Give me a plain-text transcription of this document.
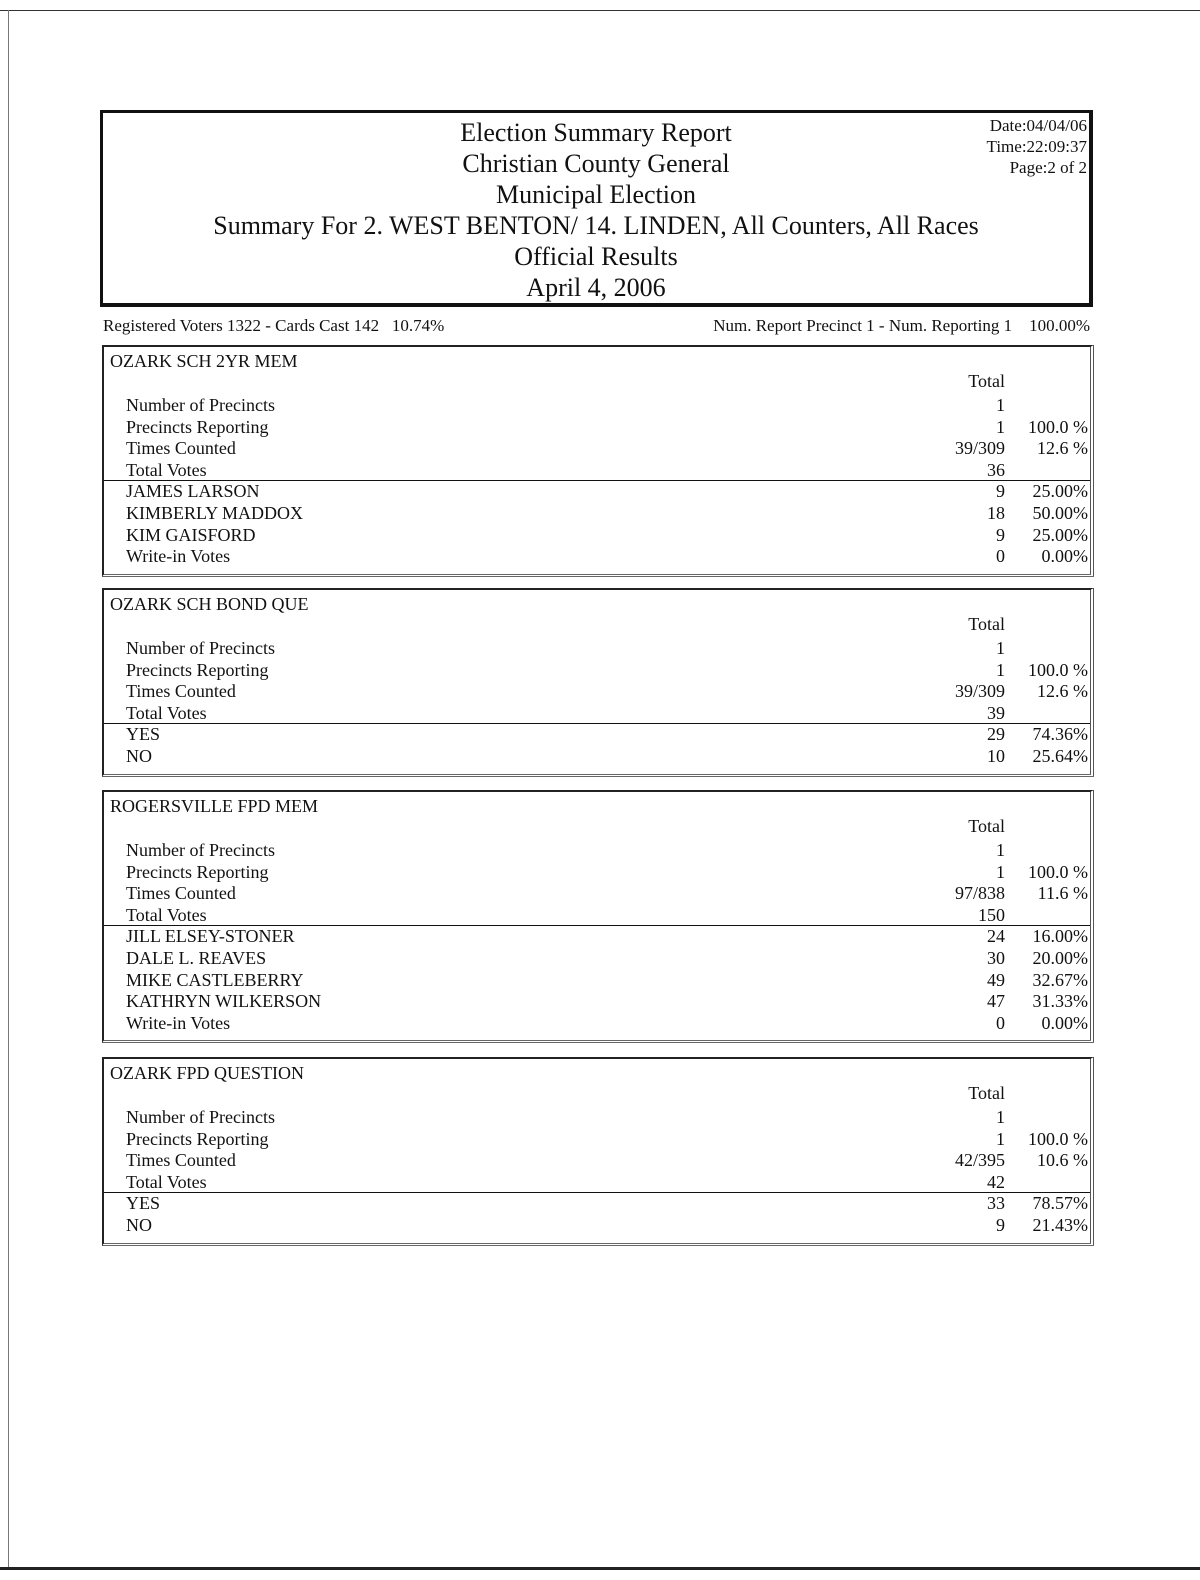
Election Summary Report
Christian County General
Municipal Election
Summary For 2. WEST BENTON/ 14. LINDEN, All Counters, All Races
Official Results
April 4, 2006
Date:04/04/06
Time:22:09:37
Page:2 of 2
Registered Voters 1322 - Cards Cast 142   10.74%	Num. Report Precinct 1 - Num. Reporting 1    100.00%
OZARK SCH 2YR MEM
Total
Number of Precincts	1
Precincts Reporting	1 100.0 %
Times Counted	39/309 12.6 %
Total Votes	36
JAMES LARSON	9 25.00%
KIMBERLY MADDOX	18 50.00%
KIM GAISFORD	9 25.00%
Write-in Votes	0 0.00%
OZARK SCH BOND QUE
Total
Number of Precincts	1
Precincts Reporting	1 100.0 %
Times Counted	39/309 12.6 %
Total Votes	39
YES	29 74.36%
NO	10 25.64%
ROGERSVILLE FPD MEM
Total
Number of Precincts	1
Precincts Reporting	1 100.0 %
Times Counted	97/838 11.6 %
Total Votes	150
JILL ELSEY-STONER	24 16.00%
DALE L. REAVES	30 20.00%
MIKE CASTLEBERRY	49 32.67%
KATHRYN WILKERSON	47 31.33%
Write-in Votes	0 0.00%
OZARK FPD QUESTION
Total
Number of Precincts	1
Precincts Reporting	1 100.0 %
Times Counted	42/395 10.6 %
Total Votes	42
YES	33 78.57%
NO	9 21.43%
